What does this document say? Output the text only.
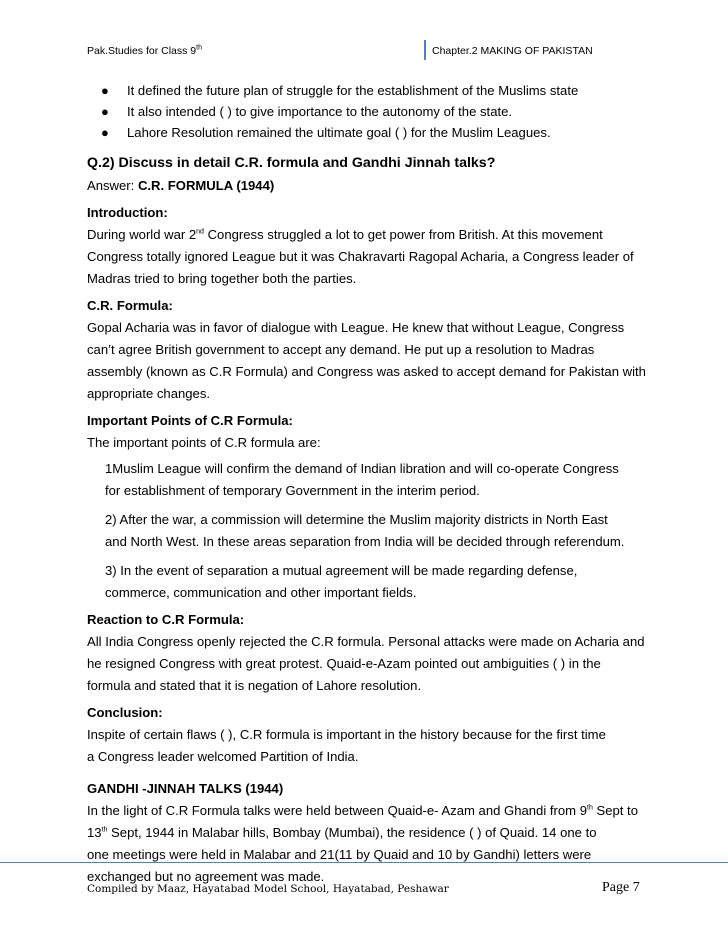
Pak.Studies for Class 9th	Chapter.2 MAKING OF PAKISTAN
● It defined the future plan of struggle for the establishment of the Muslims state
● It also intended ( ) to give importance to the autonomy of the state.
● Lahore Resolution remained the ultimate goal ( ) for the Muslim Leagues.
Q.2) Discuss in detail C.R. formula and Gandhi Jinnah talks?
Answer: C.R. FORMULA (1944)
Introduction:
During world war 2nd Congress struggled a lot to get power from British. At this movement
Congress totally ignored League but it was Chakravarti Ragopal Acharia, a Congress leader of
Madras tried to bring together both the parties.
C.R. Formula:
Gopal Acharia was in favor of dialogue with League. He knew that without League, Congress
can’t agree British government to accept any demand. He put up a resolution to Madras
assembly (known as C.R Formula) and Congress was asked to accept demand for Pakistan with
appropriate changes.
Important Points of C.R Formula:
The important points of C.R formula are:
1Muslim League will confirm the demand of Indian libration and will co-operate Congress
for establishment of temporary Government in the interim period.
2) After the war, a commission will determine the Muslim majority districts in North East
and North West. In these areas separation from India will be decided through referendum.
3) In the event of separation a mutual agreement will be made regarding defense,
commerce, communication and other important fields.
Reaction to C.R Formula:
All India Congress openly rejected the C.R formula. Personal attacks were made on Acharia and
he resigned Congress with great protest. Quaid-e-Azam pointed out ambiguities ( ) in the
formula and stated that it is negation of Lahore resolution.
Conclusion:
Inspite of certain flaws ( ), C.R formula is important in the history because for the first time
a Congress leader welcomed Partition of India.
GANDHI -JINNAH TALKS (1944)
In the light of C.R Formula talks were held between Quaid-e- Azam and Ghandi from 9th Sept to
13th Sept, 1944 in Malabar hills, Bombay (Mumbai), the residence ( ) of Quaid. 14 one to
one meetings were held in Malabar and 21(11 by Quaid and 10 by Gandhi) letters were
exchanged but no agreement was made.
Compiled by Maaz, Hayatabad Model School, Hayatabad, Peshawar	Page 7
